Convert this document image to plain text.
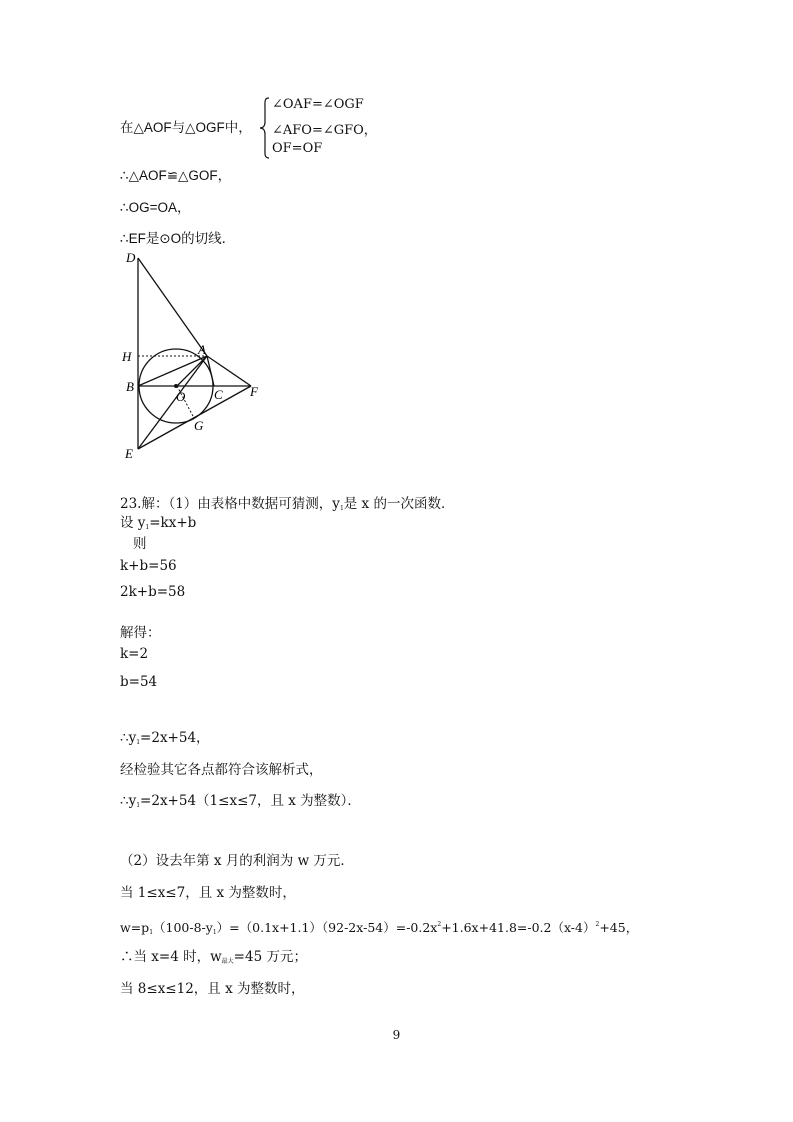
在△AOF与△OGF中，
∠OAF=∠OGF
∠AFO=∠GFO，
OF=OF
∴△AOF≌△GOF，
∴OG=OA，
∴EF是⊙O的切线．
D
H	A
B
O C F
G
E
23.解：（1）由表格中数据可猜测，$y_1$是 x 的一次函数．
设 $y_1=kx+b$
则
k+b=56
2k+b=58
解得：
k=2
b=54
$\therefore y_1=2x+54$，
经检验其它各点都符合该解析式，
$\therefore y_1=2x+54(1\le x\le 7$，且 x 为整数）．
（2）设去年第 x 月的利润为 w 万元．
当 1≤x≤7，且 x 为整数时，
$w=p_1(100-8-y_1)=(0.1x+1.1)(92-2x-54)=-0.2x^2+1.6x+41.8=-0.2(x-4)^2+45$，
∴当 x=4 时，$w_{最大}=45$ 万元；
当 8≤x≤12，且 x 为整数时，
9
